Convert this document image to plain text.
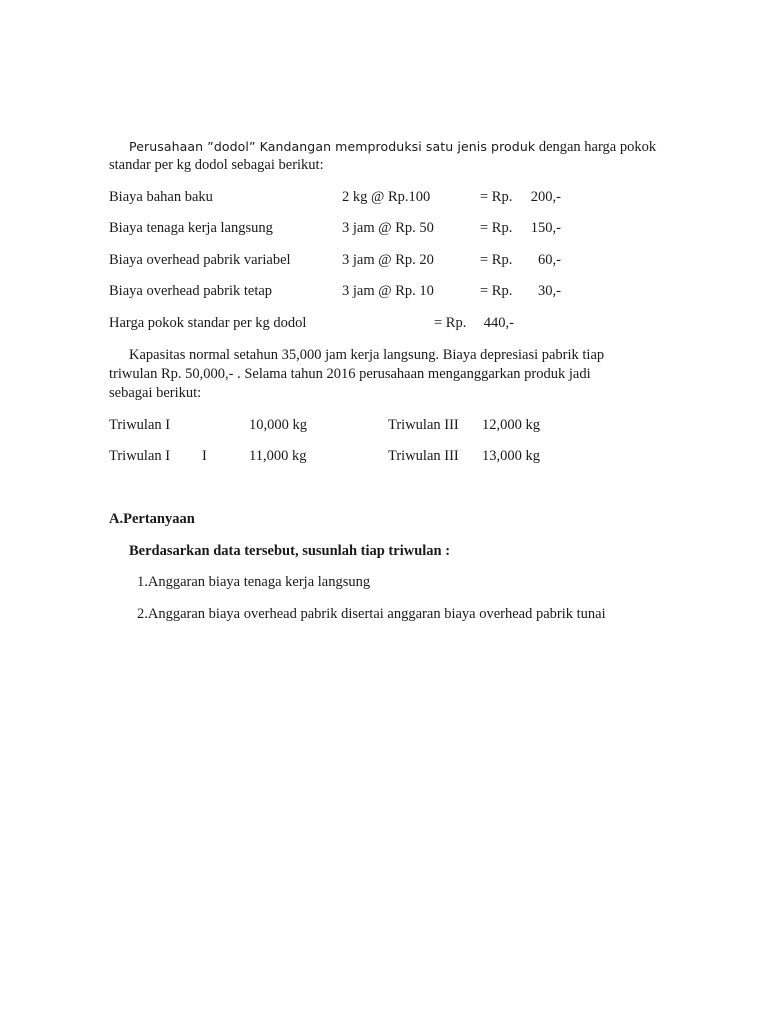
Perusahaan ”dodol” Kandangan memproduksi satu jenis produk dengan harga pokok
standar per kg dodol sebagai berikut:
Biaya bahan baku	2 kg @ Rp.100	= Rp.	200,-
Biaya tenaga kerja langsung	3 jam @ Rp. 50	= Rp.	150,-
Biaya overhead pabrik variabel	3 jam @ Rp. 20	= Rp.	60,-
Biaya overhead pabrik tetap	3 jam @ Rp. 10	= Rp.	30,-
Harga pokok standar per kg dodol	= Rp.	440,-
Kapasitas normal setahun 35,000 jam kerja langsung. Biaya depresiasi pabrik tiap
triwulan Rp. 50,000,- . Selama tahun 2016 perusahaan menganggarkan produk jadi
sebagai berikut:
Triwulan I	10,000 kg	Triwulan III 12,000 kg
Triwulan I I	11,000 kg	Triwulan III 13,000 kg
A.Pertanyaan
Berdasarkan data tersebut, susunlah tiap triwulan :
1.Anggaran biaya tenaga kerja langsung
2.Anggaran biaya overhead pabrik disertai anggaran biaya overhead pabrik tunai
